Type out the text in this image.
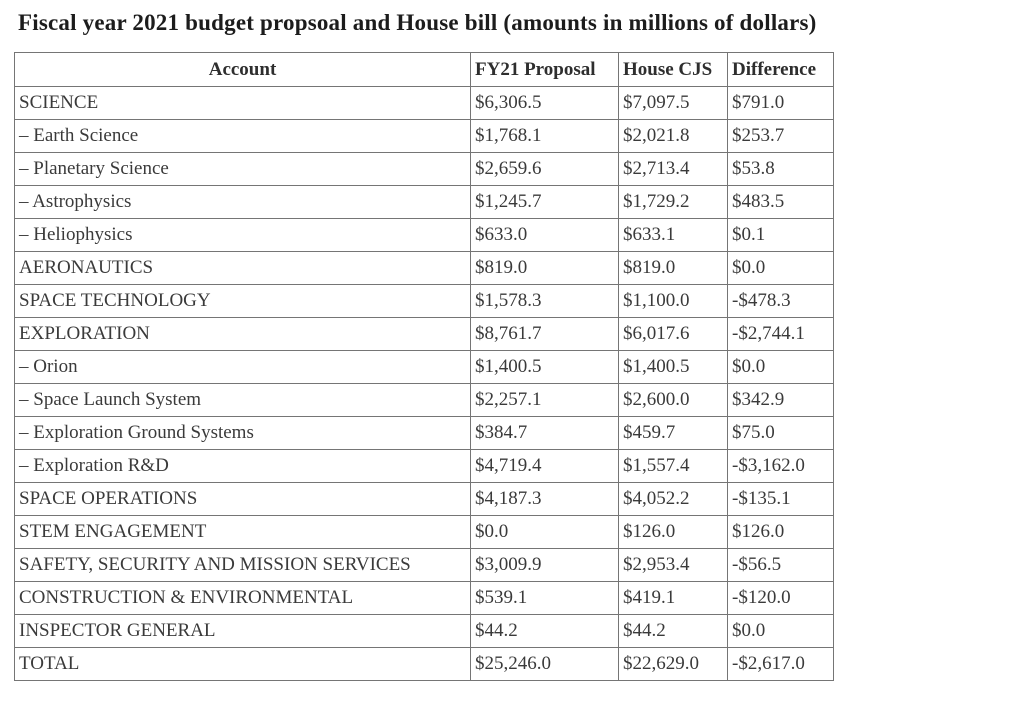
Fiscal year 2021 budget propsoal and House bill (amounts in millions of dollars)
Account	FY21 Proposal	House CJS	Difference
SCIENCE	$6,306.5	$7,097.5	$791.0
– Earth Science	$1,768.1	$2,021.8	$253.7
– Planetary Science	$2,659.6	$2,713.4	$53.8
– Astrophysics	$1,245.7	$1,729.2	$483.5
– Heliophysics	$633.0	$633.1	$0.1
AERONAUTICS	$819.0	$819.0	$0.0
SPACE TECHNOLOGY	$1,578.3	$1,100.0	-$478.3
EXPLORATION	$8,761.7	$6,017.6	-$2,744.1
– Orion	$1,400.5	$1,400.5	$0.0
– Space Launch System	$2,257.1	$2,600.0	$342.9
– Exploration Ground Systems	$384.7	$459.7	$75.0
– Exploration R&D	$4,719.4	$1,557.4	-$3,162.0
SPACE OPERATIONS	$4,187.3	$4,052.2	-$135.1
STEM ENGAGEMENT	$0.0	$126.0	$126.0
SAFETY, SECURITY AND MISSION SERVICES	$3,009.9	$2,953.4	-$56.5
CONSTRUCTION & ENVIRONMENTAL	$539.1	$419.1	-$120.0
INSPECTOR GENERAL	$44.2	$44.2	$0.0
TOTAL	$25,246.0	$22,629.0	-$2,617.0
